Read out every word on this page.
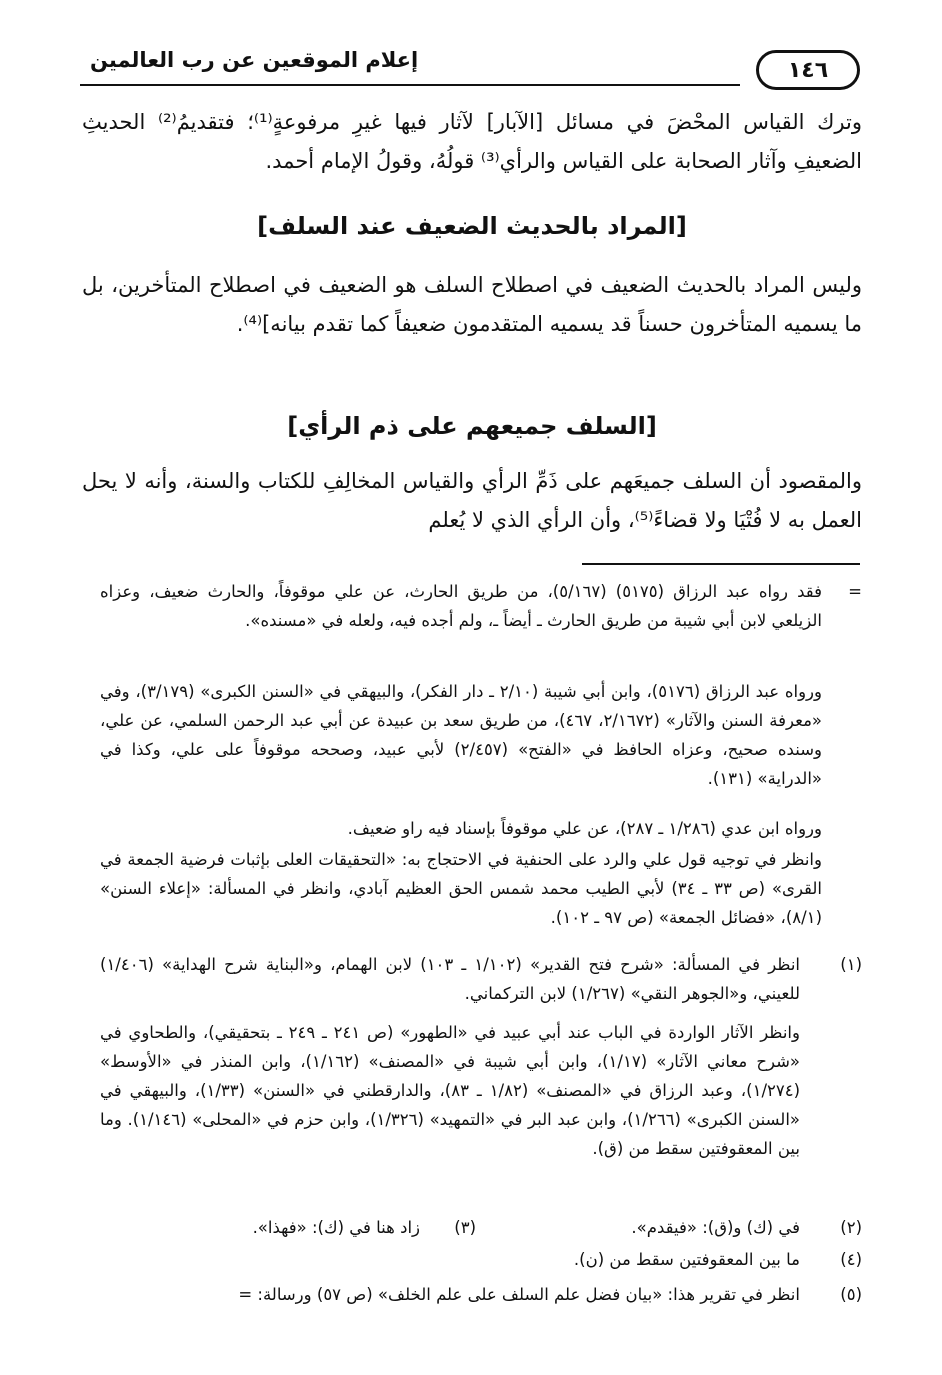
إعلام الموقعين عن رب العالمين	١٤٦
وترك القياس المحْضَ في مسائل [الآبار] لآثار فيها غيرِ مرفوعةٍ⁽¹⁾؛ فتقديمُ⁽²⁾ الحديثِ الضعيفِ وآثار الصحابة على القياس والرأي⁽³⁾ قولُهُ، وقولُ الإمام أحمد.
[المراد بالحديث الضعيف عند السلف]
وليس المراد بالحديث الضعيف في اصطلاح السلف هو الضعيف في اصطلاح المتأخرين، بل ما يسميه المتأخرون حسناً قد يسميه المتقدمون ضعيفاً كما تقدم بيانه]⁽⁴⁾.
[السلف جميعهم على ذم الرأي]
والمقصود أن السلف جميعَهم على ذَمِّ الرأي والقياس المخالِفِ للكتاب والسنة، وأنه لا يحل العمل به لا فُتْيَا ولا قضاءً⁽⁵⁾، وأن الرأي الذي لا يُعلم
=
فقد رواه عبد الرزاق (٥١٧٥) (٥/١٦٧)، من طريق الحارث، عن علي موقوفاً، والحارث ضعيف، وعزاه الزيلعي لابن أبي شيبة من طريق الحارث ـ أيضاً ـ، ولم أجده فيه، ولعله في «مسنده».
ورواه عبد الرزاق (٥١٧٦)، وابن أبي شيبة (٢/١٠ ـ دار الفكر)، والبيهقي في «السنن الكبرى» (٣/١٧٩)، وفي «معرفة السنن والآثار» (٢/١٦٧٢، ٤٦٧)، من طريق سعد بن عبيدة عن أبي عبد الرحمن السلمي، عن علي، وسنده صحيح، وعزاه الحافظ في «الفتح» (٢/٤٥٧) لأبي عبيد، وصححه موقوفاً على علي، وكذا في «الدراية» (١٣١).
ورواه ابن عدي (١/٢٨٦ ـ ٢٨٧)، عن علي موقوفاً بإسناد فيه راو ضعيف.
وانظر في توجيه قول علي والرد على الحنفية في الاحتجاج به: «التحقيقات العلى بإثبات فرضية الجمعة في القرى» (ص ٣٣ ـ ٣٤) لأبي الطيب محمد شمس الحق العظيم آبادي، وانظر في المسألة: «إعلاء السنن» (٨/١)، «فضائل الجمعة» (ص ٩٧ ـ ١٠٢).
(١)
انظر في المسألة: «شرح فتح القدير» (١/١٠٢ ـ ١٠٣) لابن الهمام، و«البناية شرح الهداية» (١/٤٠٦) للعيني، و«الجوهر النقي» (١/٢٦٧) لابن التركماني.
وانظر الآثار الواردة في الباب عند أبي عبيد في «الطهور» (ص ٢٤١ ـ ٢٤٩ ـ بتحقيقي)، والطحاوي في «شرح معاني الآثار» (١/١٧)، وابن أبي شيبة في «المصنف» (١/١٦٢)، وابن المنذر في «الأوسط» (١/٢٧٤)، وعبد الرزاق في «المصنف» (١/٨٢ ـ ٨٣)، والدارقطني في «السنن» (١/٣٣)، والبيهقي في «السنن الكبرى» (١/٢٦٦)، وابن عبد البر في «التمهيد» (١/٣٢٦)، وابن حزم في «المحلى» (١/١٤٦). وما بين المعقوفتين سقط من (ق).
(٢)
في (ك) و(ق): «فيقدم».
(٣)
زاد هنا في (ك): «فهذا».
(٤)
ما بين المعقوفتين سقط من (ن).
(٥)
انظر في تقرير هذا: «بيان فضل علم السلف على علم الخلف» (ص ٥٧) ورسالة: =
